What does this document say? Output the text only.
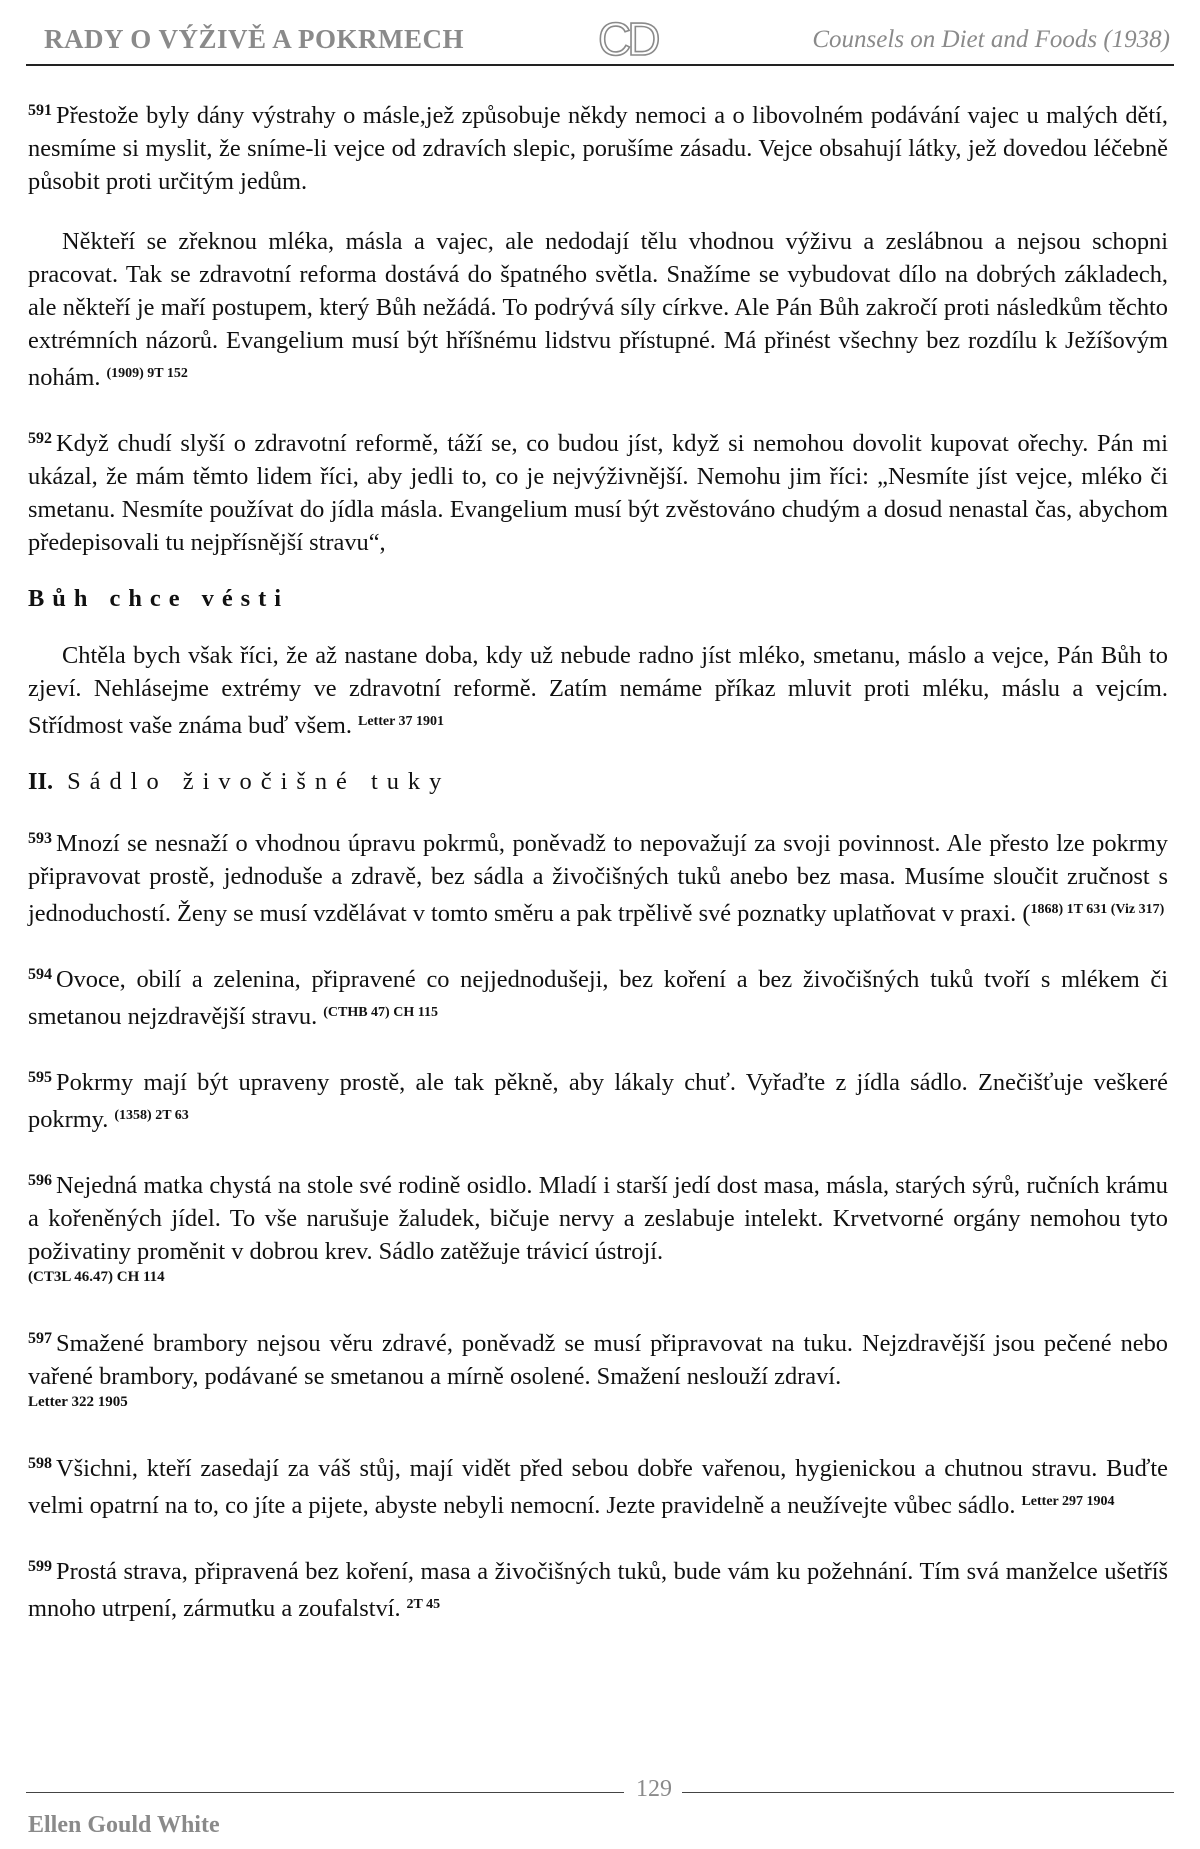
RADY O VÝŽIVĚ A POKRMECH	CD	Counsels on Diet and Foods (1938)

$^{591}$ Přestože byly dány výstrahy o másle,jež způsobuje někdy nemoci a o libovolném podávání vajec u malých dětí, nesmíme si myslit, že sníme-li vejce od zdravích slepic, porušíme zásadu. Vejce obsahují látky, jež dovedou léčebně působit proti určitým jedům.

Někteří se zřeknou mléka, másla a vajec, ale nedodají tělu vhodnou výživu a zeslábnou a nejsou schopni pracovat. Tak se zdravotní reforma dostává do špatného světla. Snažíme se vybudovat dílo na dobrých základech, ale někteří je maří postupem, který Bůh nežádá. To podrývá síly církve. Ale Pán Bůh zakročí proti následkům těchto extrémních názorů. Evangelium musí být hříšnému lidstvu přístupné. Má přinést všechny bez rozdílu k Ježíšovým nohám. $^{(1909) 9T 152}$

$^{592}$ Když chudí slyší o zdravotní reformě, táží se, co budou jíst, když si nemohou dovolit kupovat ořechy. Pán mi ukázal, že mám těmto lidem říci, aby jedli to, co je nejvýživnější. Nemohu jim říci: „Nesmíte jíst vejce, mléko či smetanu. Nesmíte používat do jídla másla. Evangelium musí být zvěstováno chudým a dosud nenastal čas, abychom předepisovali tu nejpřísnější stravu“,

Bůh chce vésti

Chtěla bych však říci, že až nastane doba, kdy už nebude radno jíst mléko, smetanu, máslo a vejce, Pán Bůh to zjeví. Nehlásejme extrémy ve zdravotní reformě. Zatím nemáme příkaz mluvit proti mléku, máslu a vejcím. Střídmost vaše známa buď všem. $^{Letter 37 1901}$

II. Sádlo živočišné tuky

$^{593}$ Mnozí se nesnaží o vhodnou úpravu pokrmů, poněvadž to nepovažují za svoji povinnost. Ale přesto lze pokrmy připravovat prostě, jednoduše a zdravě, bez sádla a živočišných tuků anebo bez masa. Musíme sloučit zručnost s jednoduchostí. Ženy se musí vzdělávat v tomto směru a pak trpělivě své poznatky uplatňovat v praxi. ($^{1868) 1T 631 (Viz 317)}$

$^{594}$ Ovoce, obilí a zelenina, připravené co nejjednodušeji, bez koření a bez živočišných tuků tvoří s mlékem či smetanou nejzdravější stravu. $^{(CTHB 47) CH 115}$

$^{595}$ Pokrmy mají být upraveny prostě, ale tak pěkně, aby lákaly chuť. Vyřaďte z jídla sádlo. Znečišťuje veškeré pokrmy. $^{(1358) 2T 63}$

$^{596}$ Nejedná matka chystá na stole své rodině osidlo. Mladí i starší jedí dost masa, másla, starých sýrů, ručních krámu a kořeněných jídel. To vše narušuje žaludek, bičuje nervy a zeslabuje intelekt. Krvetvorné orgány nemohou tyto poživatiny proměnit v dobrou krev. Sádlo zatěžuje trávicí ústrojí.
(CT3L 46.47) CH 114

$^{597}$ Smažené brambory nejsou věru zdravé, poněvadž se musí připravovat na tuku. Nejzdravější jsou pečené nebo vařené brambory, podávané se smetanou a mírně osolené. Smažení neslouží zdraví.
Letter 322 1905

$^{598}$ Všichni, kteří zasedají za váš stůj, mají vidět před sebou dobře vařenou, hygienickou a chutnou stravu. Buďte velmi opatrní na to, co jíte a pijete, abyste nebyli nemocní. Jezte pravidelně a neužívejte vůbec sádlo. $^{Letter 297 1904}$

$^{599}$ Prostá strava, připravená bez koření, masa a živočišných tuků, bude vám ku požehnání. Tím svá manželce ušetříš mnoho utrpení, zármutku a zoufalství. $^{2T 45}$

129
Ellen Gould White
